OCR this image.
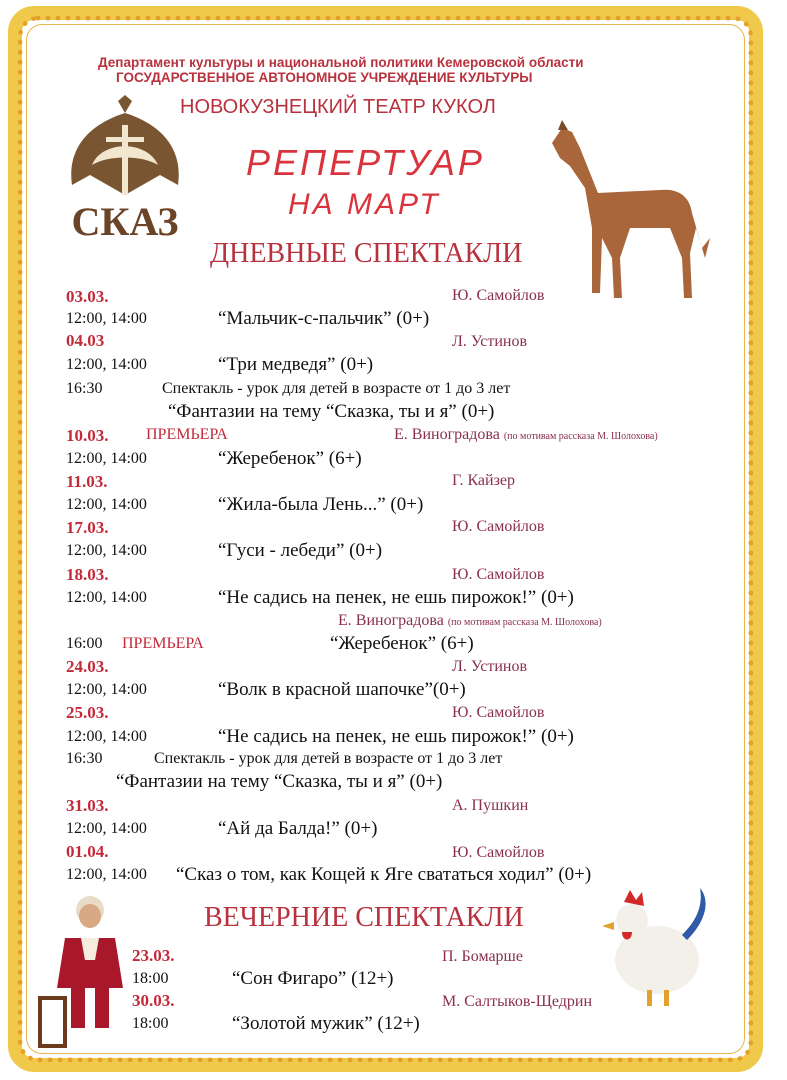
Департамент культуры и национальной политики Кемеровской области
ГОСУДАРСТВЕННОЕ АВТОНОМНОЕ УЧРЕЖДЕНИЕ КУЛЬТУРЫ
НОВОКУЗНЕЦКИЙ ТЕАТР КУКОЛ
СКАЗ
РЕПЕРТУАР
НА МАРТ
ДНЕВНЫЕ СПЕКТАКЛИ
03.03.	Ю. Самойлов
12:00, 14:00	“Мальчик-с-пальчик” (0+)
04.03	Л. Устинов
12:00, 14:00	“Три медведя” (0+)
16:30	Спектакль - урок для детей в возрасте от 1 до 3 лет
“Фантазии на тему “Сказка, ты и я” (0+)
10.03. ПРЕМЬЕРА	Е. Виноградова (по мотивам рассказа М. Шолохова)
12:00, 14:00	“Жеребенок” (6+)
11.03.	Г. Кайзер
12:00, 14:00	“Жила-была Лень...” (0+)
17.03.	Ю. Самойлов
12:00, 14:00	“Гуси - лебеди” (0+)
18.03.	Ю. Самойлов
12:00, 14:00	“Не садись на пенек, не ешь пирожок!” (0+)
Е. Виноградова (по мотивам рассказа М. Шолохова)
16:00 ПРЕМЬЕРА	“Жеребенок” (6+)
24.03.	Л. Устинов
12:00, 14:00	“Волк в красной шапочке”(0+)
25.03.	Ю. Самойлов
12:00, 14:00	“Не садись на пенек, не ешь пирожок!” (0+)
16:30	Спектакль - урок для детей в возрасте от 1 до 3 лет
“Фантазии на тему “Сказка, ты и я” (0+)
31.03.	А. Пушкин
12:00, 14:00	“Ай да Балда!” (0+)
01.04.	Ю. Самойлов
12:00, 14:00 “Сказ о том, как Кощей к Яге свататься ходил” (0+)
ВЕЧЕРНИЕ СПЕКТАКЛИ
23.03.	П. Бомарше
18:00	“Сон Фигаро” (12+)
30.03.	М. Салтыков-Щедрин
18:00	“Золотой мужик” (12+)
